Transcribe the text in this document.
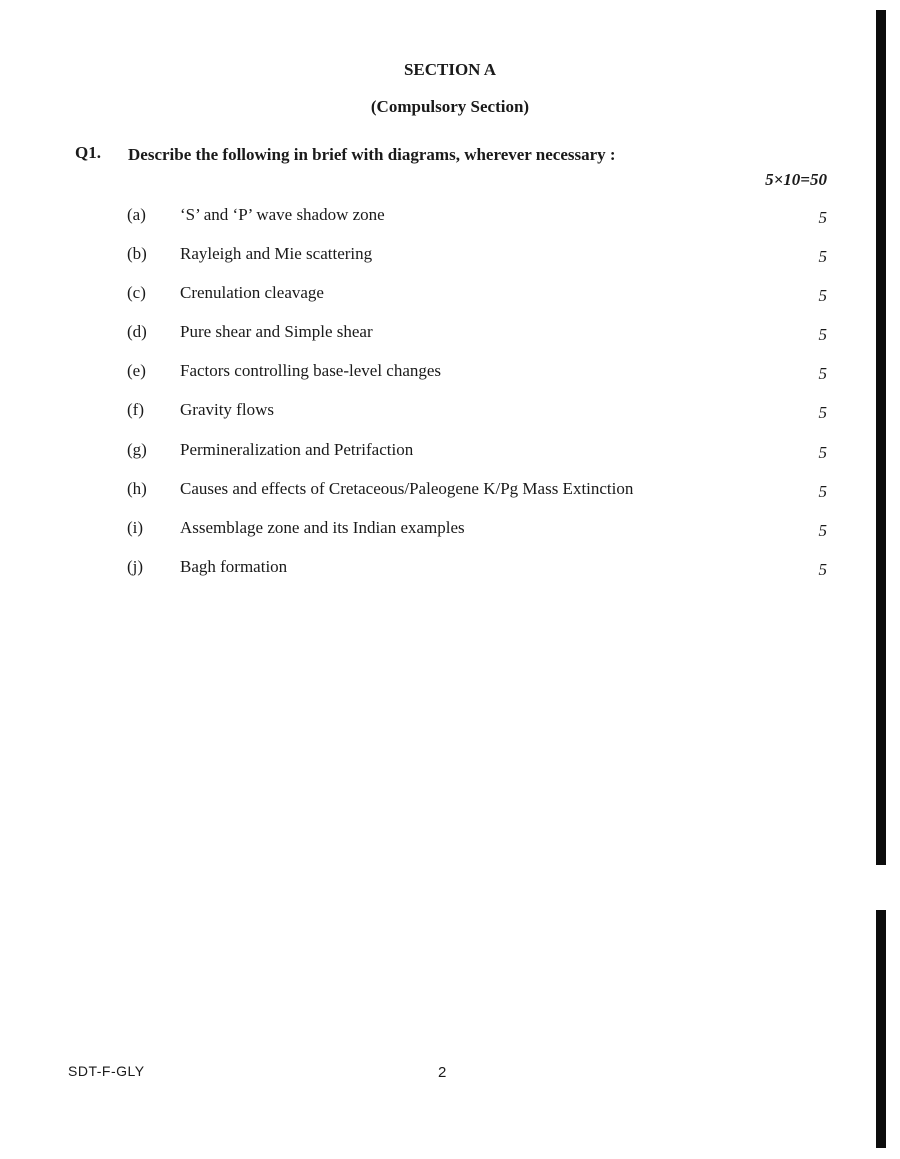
SECTION A
(Compulsory Section)
Q1. Describe the following in brief with diagrams, wherever necessary :
5×10=50
(a) ‘S’ and ‘P’ wave shadow zone	5
(b) Rayleigh and Mie scattering	5
(c) Crenulation cleavage	5
(d) Pure shear and Simple shear	5
(e) Factors controlling base-level changes	5
(f) Gravity flows	5
(g) Permineralization and Petrifaction	5
(h) Causes and effects of Cretaceous/Paleogene K/Pg Mass Extinction	5
(i) Assemblage zone and its Indian examples	5
(j) Bagh formation	5
SDT-F-GLY	2
